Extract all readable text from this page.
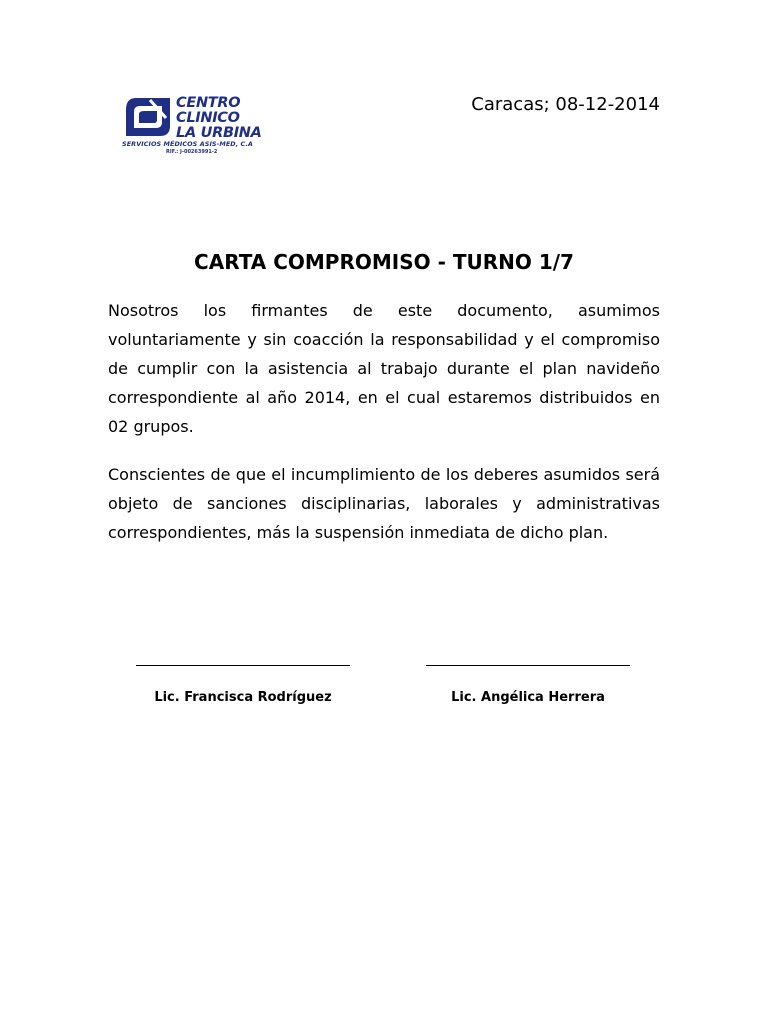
CENTRO
CLINICO
LA URBINA
SERVICIOS MÉDICOS ASIS-MED, C.A
RIF.: J-00263991-2
Caracas; 08-12-2014
CARTA COMPROMISO - TURNO 1/7

Nosotros los firmantes de este documento, asumimos voluntariamente y sin coacción la responsabilidad y el compromiso de cumplir con la asistencia al trabajo durante el plan navideño correspondiente al año 2014, en el cual estaremos distribuidos en 02 grupos.

Conscientes de que el incumplimiento de los deberes asumidos será objeto de sanciones disciplinarias, laborales y administrativas correspondientes, más la suspensión inmediata de dicho plan.

Lic. Francisca Rodríguez	Lic. Angélica Herrera
